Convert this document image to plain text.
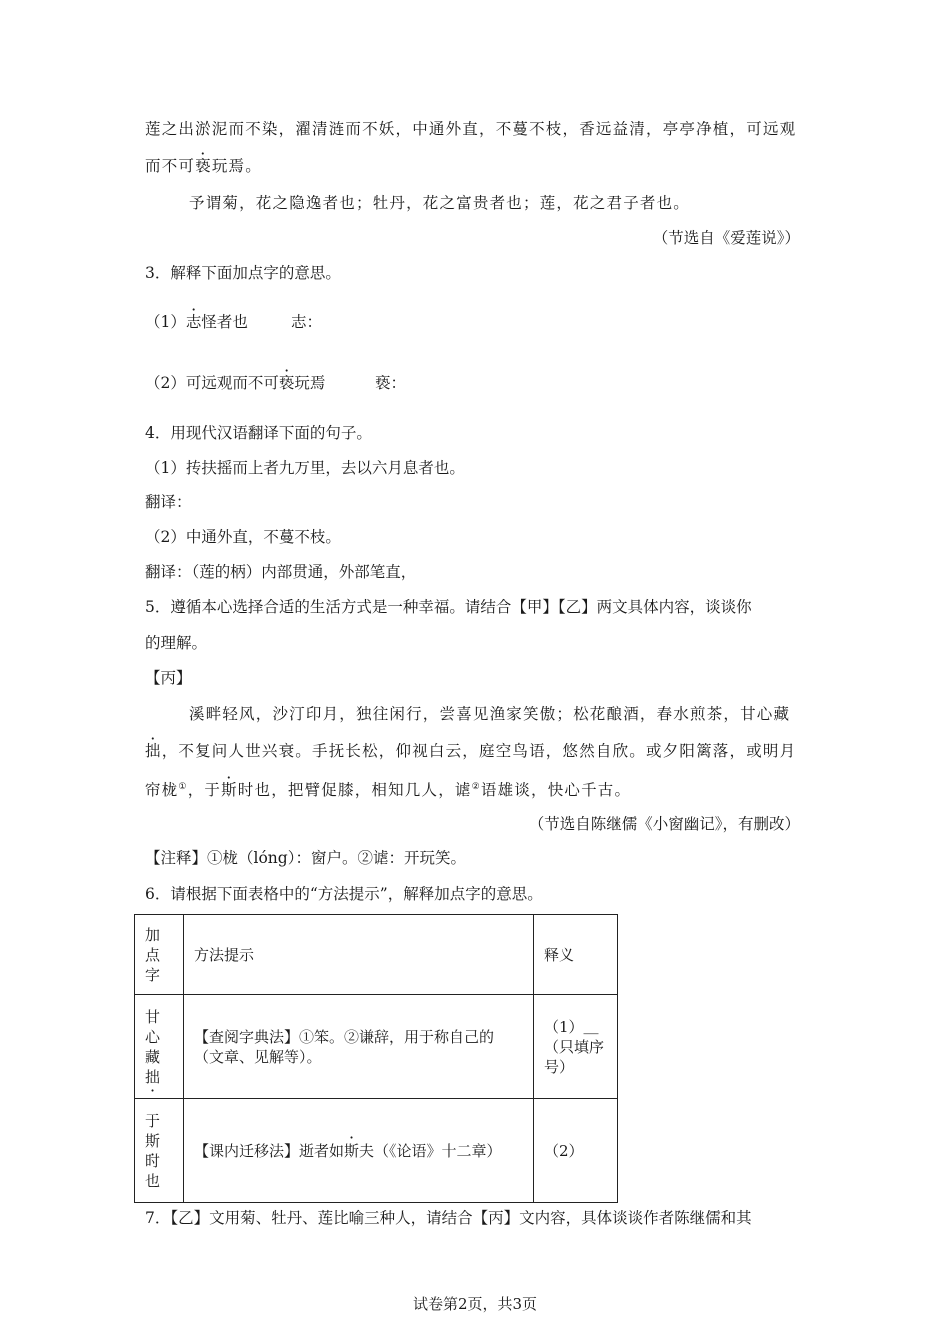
莲之出淤泥而不染，濯清涟而不妖，中通外直，不蔓不枝，香远益清，亭亭净植，可远观
而不可亵玩焉。
予谓菊，花之隐逸者也；牡丹，花之富贵者也；莲，花之君子者也。
（节选自《爱莲说》）
3．解释下面加点字的意思。
（1）志怪者也	志：
（2）可远观而不可亵玩焉	亵：
4．用现代汉语翻译下面的句子。
（1）抟扶摇而上者九万里，去以六月息者也。
翻译：
（2）中通外直，不蔓不枝。
翻译：（莲的柄）内部贯通，外部笔直，
5．遵循本心选择合适的生活方式是一种幸福。请结合【甲】【乙】两文具体内容，谈谈你
的理解。
【丙】
溪畔轻风，沙汀印月，独往闲行，尝喜见渔家笑傲；松花酿酒，春水煎茶，甘心藏
拙，不复问人世兴衰。手抚长松，仰视白云，庭空鸟语，悠然自欣。或夕阳篱落，或明月
帘栊①，于斯时也，把臂促膝，相知几人，谑②语雄谈，快心千古。
（节选自陈继儒《小窗幽记》，有删改）
【注释】①栊（lóng）：窗户。②谑：开玩笑。
6．请根据下面表格中的“方法提示”，解释加点字的意思。
加点字	方法提示	释义

甘心藏拙	【查阅字典法】①笨。②谦辞，用于称自己的（文章、见解等）。	（1）＿（只填序号）

于斯时也	【课内迁移法】逝者如斯夫（《论语》十二章）	（2）
7．【乙】文用菊、牡丹、莲比喻三种人，请结合【丙】文内容，具体谈谈作者陈继儒和其
试卷第2页，共3页
